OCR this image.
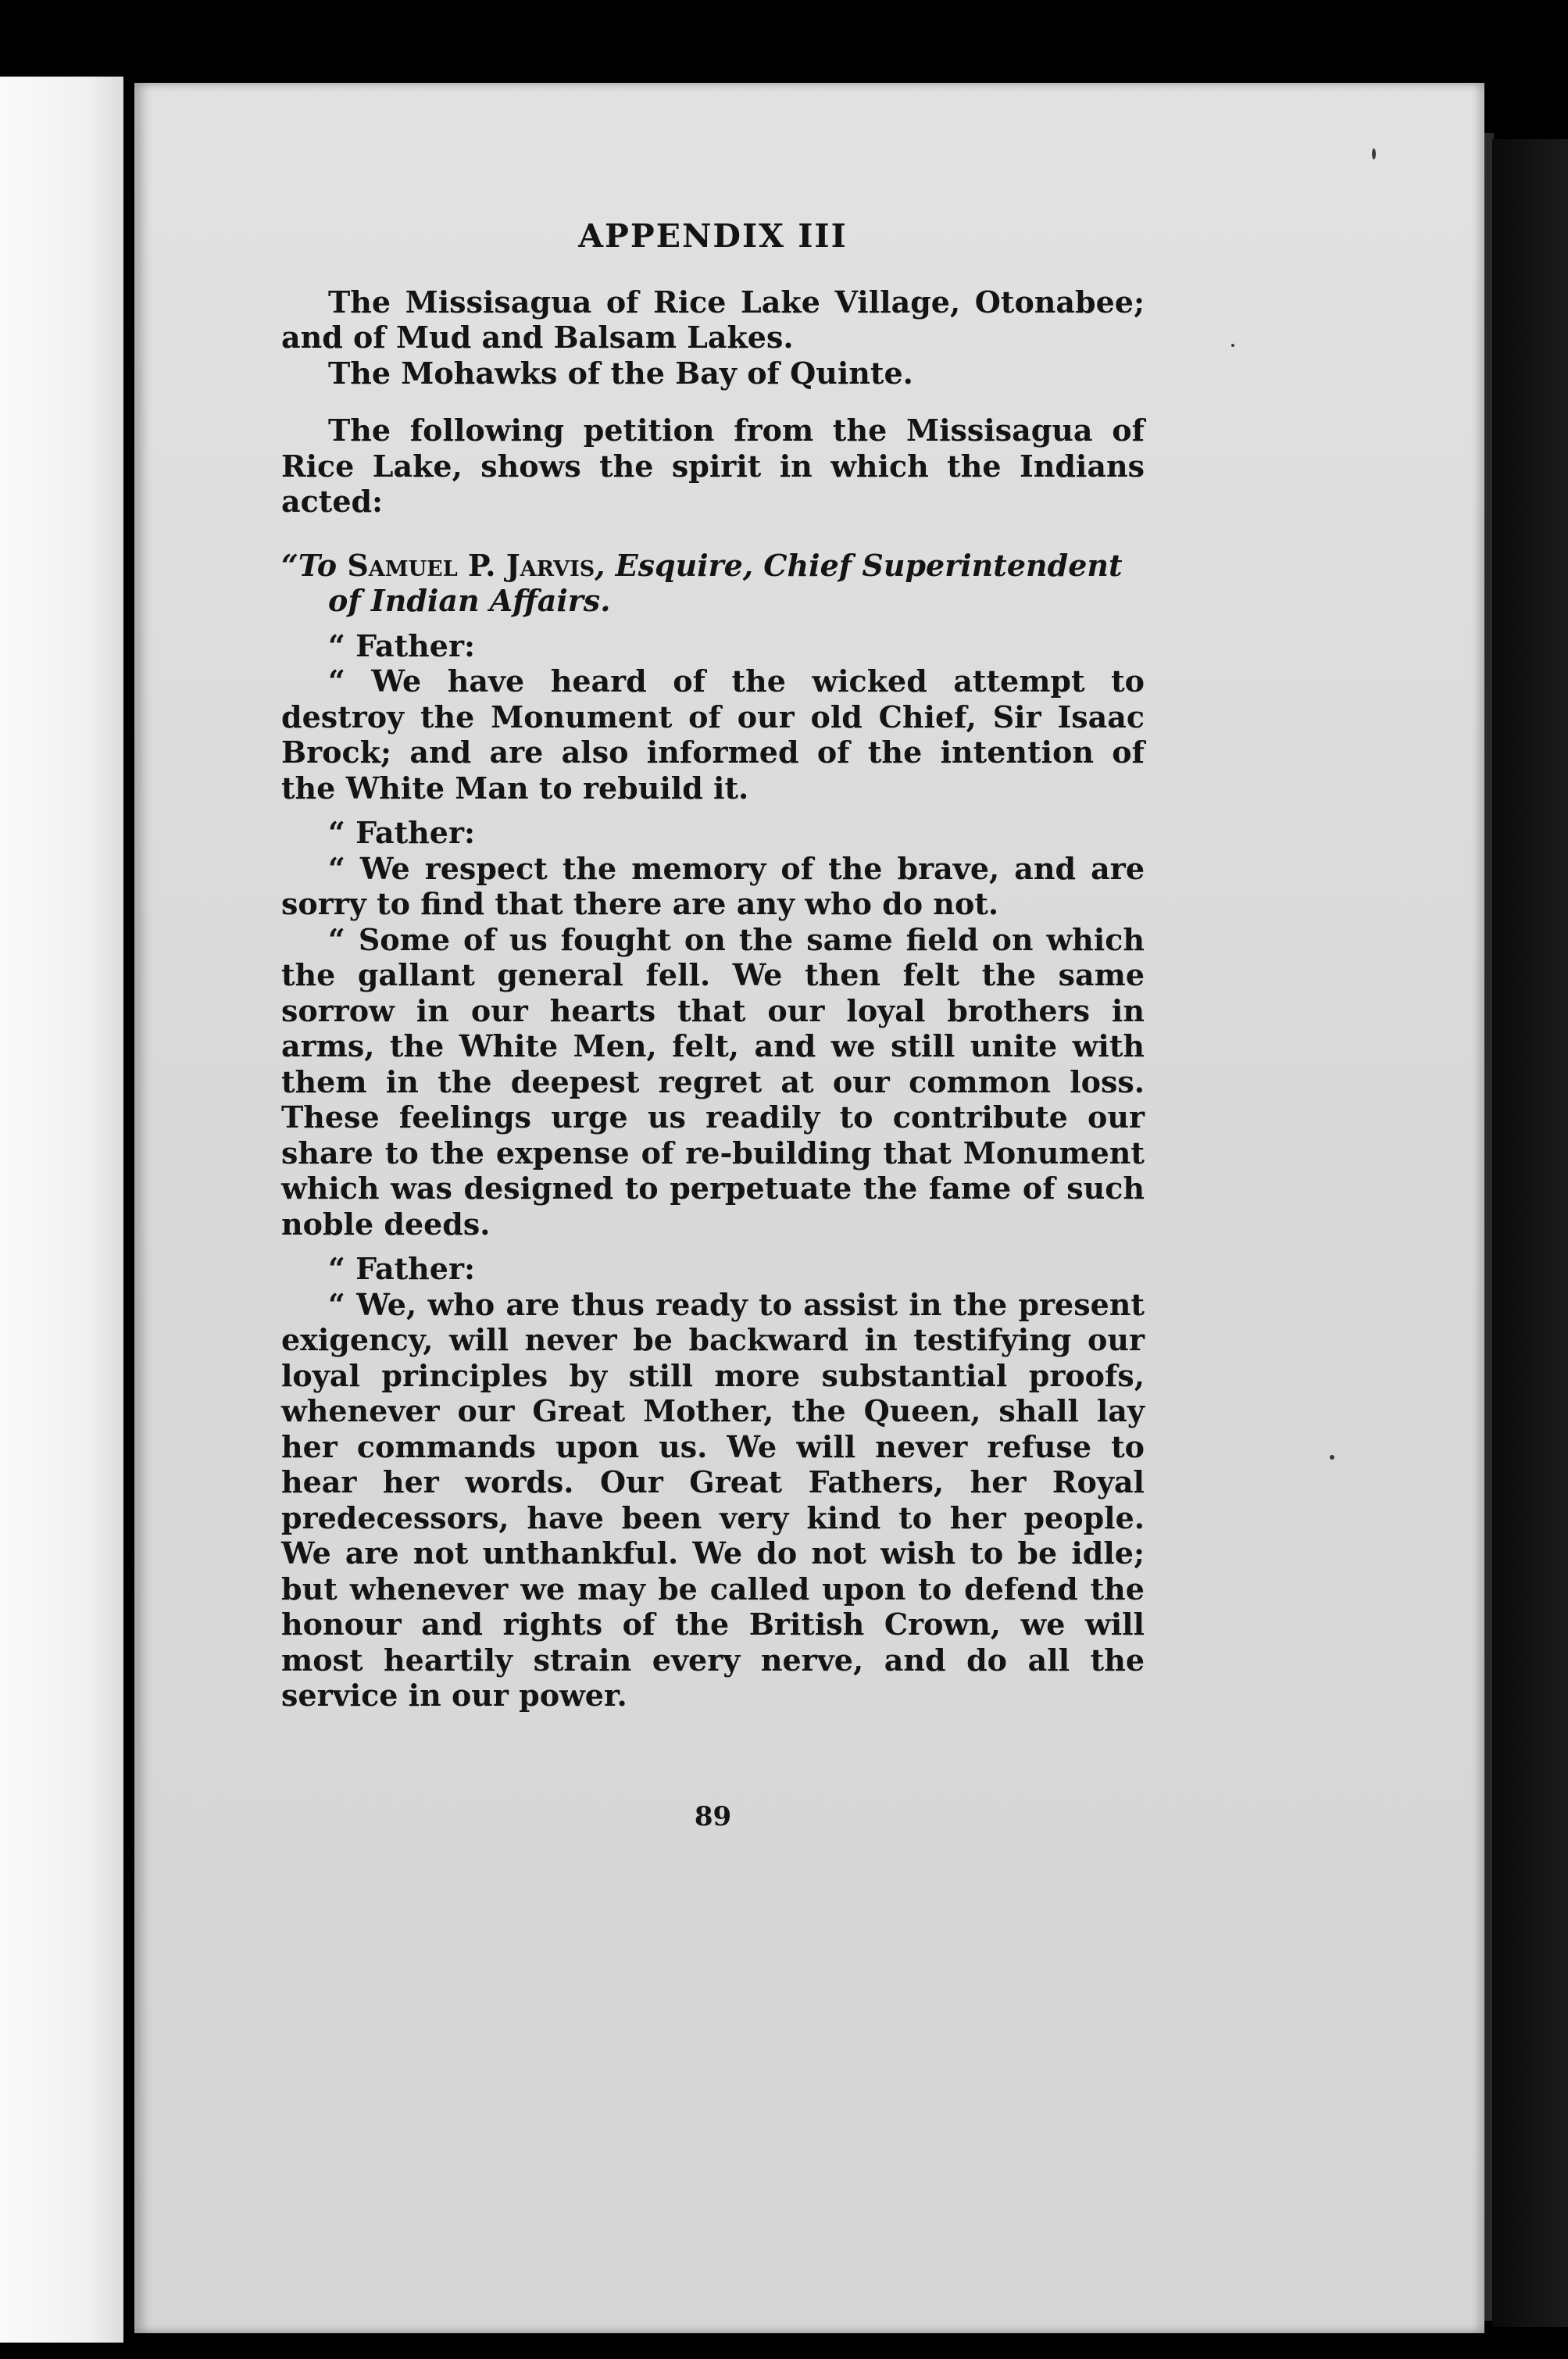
APPENDIX III

The Missisagua of Rice Lake Village, Otonabee; and of Mud and Balsam Lakes.

The Mohawks of the Bay of Quinte.

The following petition from the Missisagua of Rice Lake, shows the spirit in which the Indians acted:

“To Samuel P. Jarvis, Esquire, Chief Superintendent of Indian Affairs.

“ Father:

“ We have heard of the wicked attempt to destroy the Monument of our old Chief, Sir Isaac Brock; and are also informed of the intention of the White Man to rebuild it.

“ Father:

“ We respect the memory of the brave, and are sorry to find that there are any who do not.

“ Some of us fought on the same field on which the gallant general fell. We then felt the same sorrow in our hearts that our loyal brothers in arms, the White Men, felt, and we still unite with them in the deepest regret at our common loss. These feelings urge us readily to contribute our share to the expense of re-building that Monument which was designed to perpetuate the fame of such noble deeds.

“ Father:

“ We, who are thus ready to assist in the present exigency, will never be backward in testifying our loyal principles by still more substantial proofs, whenever our Great Mother, the Queen, shall lay her commands upon us. We will never refuse to hear her words. Our Great Fathers, her Royal predecessors, have been very kind to her people. We are not unthankful. We do not wish to be idle; but whenever we may be called upon to defend the honour and rights of the British Crown, we will most heartily strain every nerve, and do all the service in our power.

89
